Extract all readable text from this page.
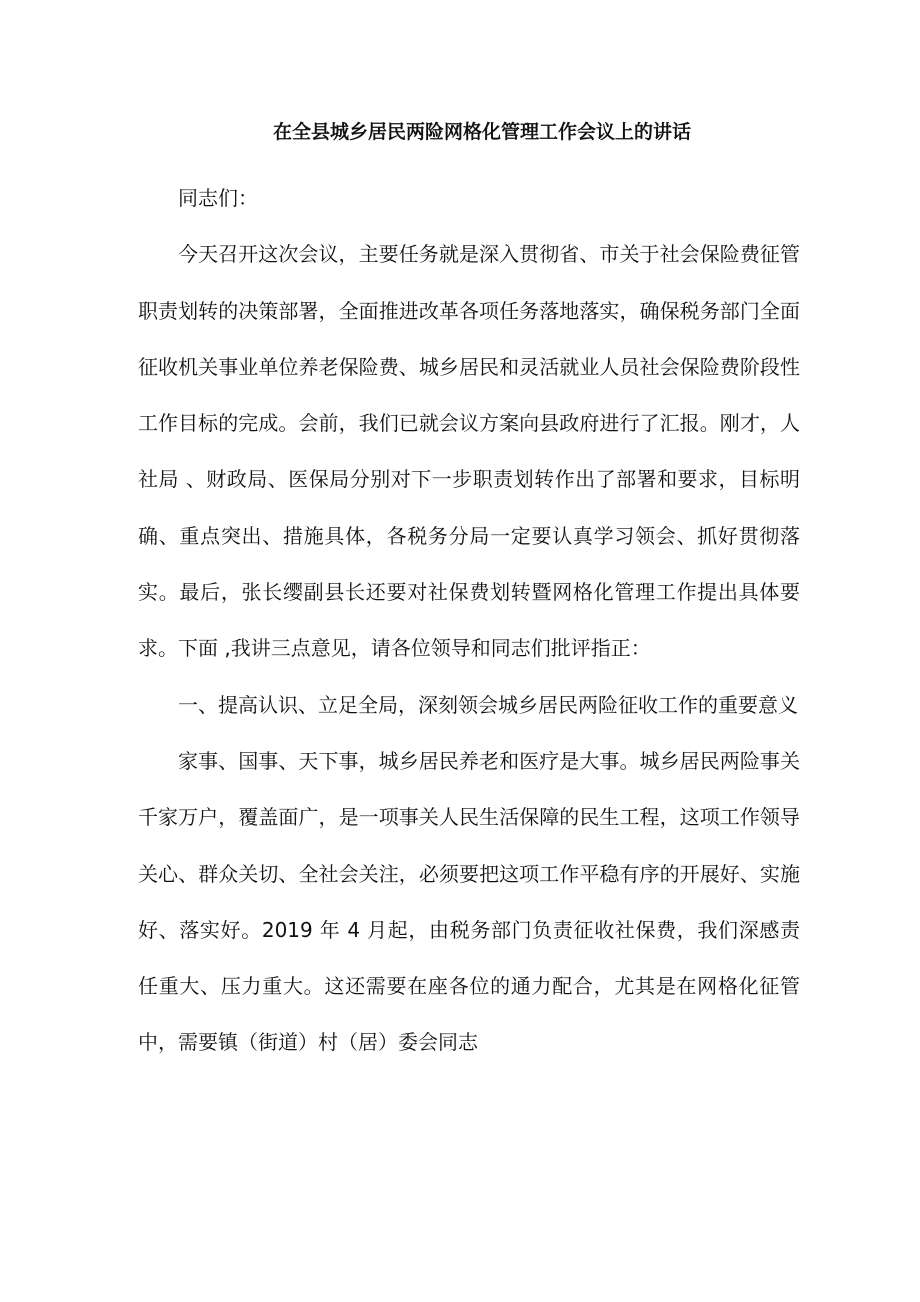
在全县城乡居民两险网格化管理工作会议上的讲话

同志们：

今天召开这次会议，主要任务就是深入贯彻省、市关于社会保险费征管职责划转的决策部署，全面推进改革各项任务落地落实，确保税务部门全面征收机关事业单位养老保险费、城乡居民和灵活就业人员社会保险费阶段性工作目标的完成。会前，我们已就会议方案向县政府进行了汇报。刚才，人社局 、财政局、医保局分别对下一步职责划转作出了部署和要求，目标明确、重点突出、措施具体，各税务分局一定要认真学习领会、抓好贯彻落实。最后，张长缨副县长还要对社保费划转暨网格化管理工作提出具体要求。下面 ,我讲三点意见，请各位领导和同志们批评指正：

一、提高认识、立足全局，深刻领会城乡居民两险征收工作的重要意义

家事、国事、天下事，城乡居民养老和医疗是大事。城乡居民两险事关千家万户，覆盖面广，是一项事关人民生活保障的民生工程，这项工作领导关心、群众关切、全社会关注，必须要把这项工作平稳有序的开展好、实施好、落实好。2019 年 4 月起，由税务部门负责征收社保费，我们深感责任重大、压力重大。这还需要在座各位的通力配合，尤其是在网格化征管中，需要镇（街道）村（居）委会同志
